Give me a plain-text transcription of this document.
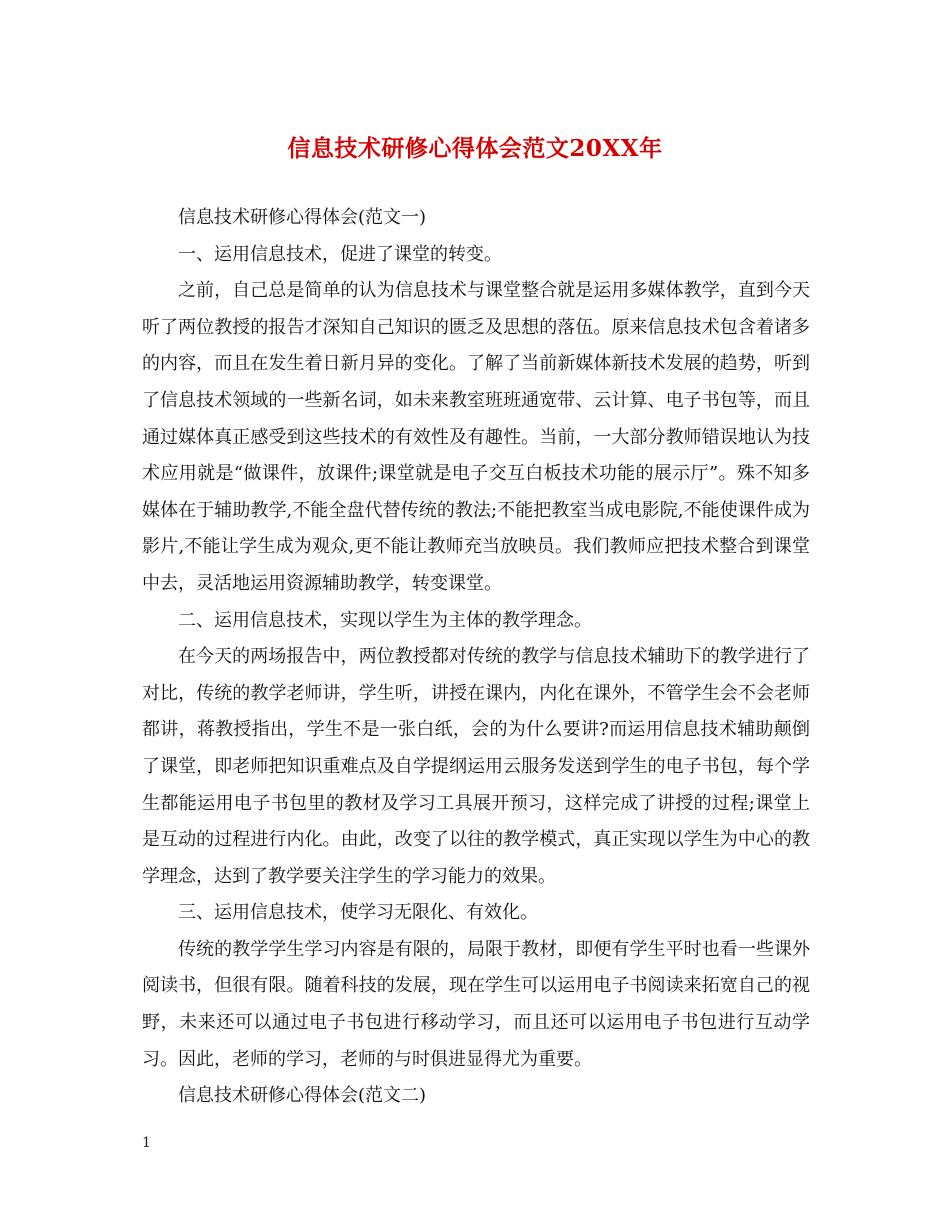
信息技术研修心得体会范文20XX年

信息技术研修心得体会(范文一)

一、运用信息技术，促进了课堂的转变。

之前，自己总是简单的认为信息技术与课堂整合就是运用多媒体教学，直到今天听了两位教授的报告才深知自己知识的匮乏及思想的落伍。原来信息技术包含着诸多的内容，而且在发生着日新月异的变化。了解了当前新媒体新技术发展的趋势，听到了信息技术领域的一些新名词，如未来教室班班通宽带、云计算、电子书包等，而且通过媒体真正感受到这些技术的有效性及有趣性。当前，一大部分教师错误地认为技术应用就是“做课件，放课件;课堂就是电子交互白板技术功能的展示厅”。殊不知多媒体在于辅助教学,不能全盘代替传统的教法;不能把教室当成电影院,不能使课件成为影片,不能让学生成为观众,更不能让教师充当放映员。我们教师应把技术整合到课堂中去，灵活地运用资源辅助教学，转变课堂。

二、运用信息技术，实现以学生为主体的教学理念。

在今天的两场报告中，两位教授都对传统的教学与信息技术辅助下的教学进行了对比，传统的教学老师讲，学生听，讲授在课内，内化在课外，不管学生会不会老师都讲，蒋教授指出，学生不是一张白纸，会的为什么要讲?而运用信息技术辅助颠倒了课堂，即老师把知识重难点及自学提纲运用云服务发送到学生的电子书包，每个学生都能运用电子书包里的教材及学习工具展开预习，这样完成了讲授的过程;课堂上是互动的过程进行内化。由此，改变了以往的教学模式，真正实现以学生为中心的教学理念，达到了教学要关注学生的学习能力的效果。

三、运用信息技术，使学习无限化、有效化。

传统的教学学生学习内容是有限的，局限于教材，即便有学生平时也看一些课外阅读书，但很有限。随着科技的发展，现在学生可以运用电子书阅读来拓宽自己的视野，未来还可以通过电子书包进行移动学习，而且还可以运用电子书包进行互动学习。因此，老师的学习，老师的与时俱进显得尤为重要。

信息技术研修心得体会(范文二)

1
